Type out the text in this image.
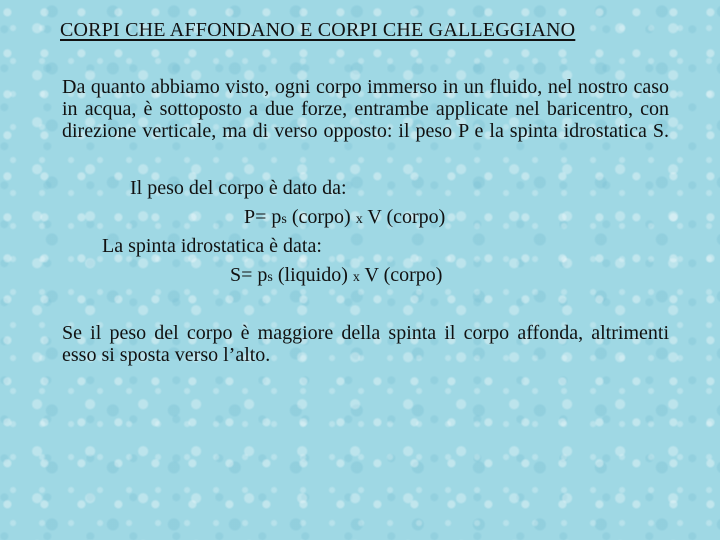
CORPI CHE AFFONDANO E CORPI CHE GALLEGGIANO
Da quanto abbiamo visto, ogni corpo immerso in un fluido, nel nostro caso in acqua, è sottoposto a due forze, entrambe applicate nel baricentro, con direzione verticale, ma di verso opposto: il peso P e la spinta idrostatica S.
Il peso del corpo è dato da:
P= ps (corpo) x V (corpo)
La spinta idrostatica è data:
S= ps (liquido) x V (corpo)
Se il peso del corpo è maggiore della spinta il corpo affonda, altrimenti esso si sposta verso l’alto.
